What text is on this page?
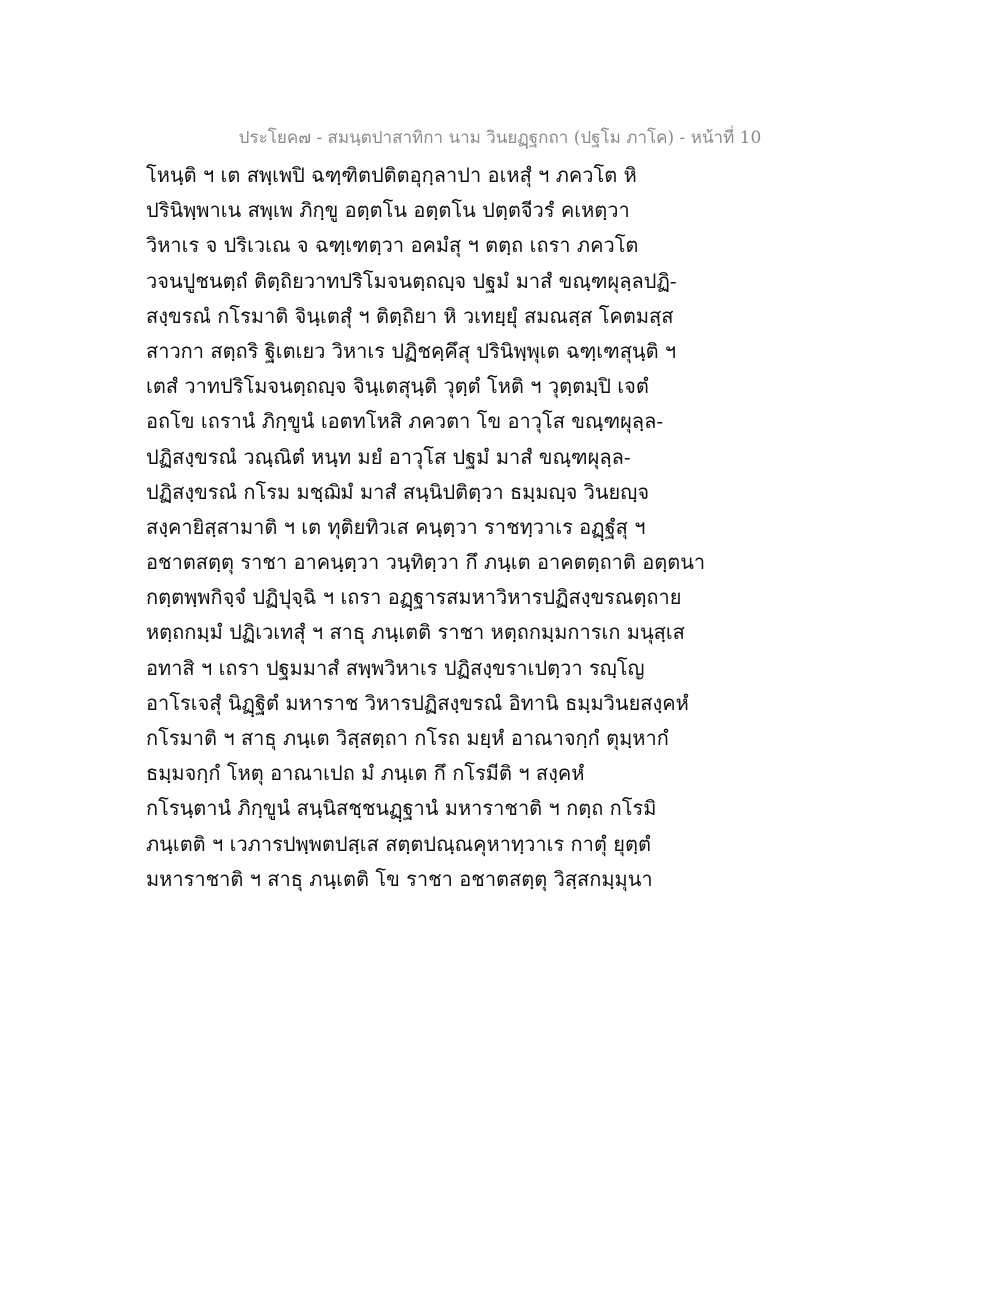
ประโยค๗ - สมนฺตปาสาทิกา นาม วินยฏฺฐกถา (ปฐโม ภาโค) - หน้าที่ 10
โหนฺติ ฯ เต สพฺเพปิ ฉฑฺฑิตปติตอุกฺลาปา อเหสุํ ฯ ภควโต หิ
ปรินิพฺพาเน สพฺเพ ภิกฺขู อตฺตโน อตฺตโน ปตฺตจีวรํ คเหตฺวา
วิหาเร จ ปริเวเณ จ ฉฑฺเฑตฺวา อคมํสุ ฯ ตตฺถ เถรา ภควโต
วจนปูชนตฺถํ ติตฺถิยวาทปริโมจนตฺถญฺจ ปฐมํ มาสํ ขณฺฑผุลฺลปฏิ-
สงฺขรณํ กโรมาติ จินฺเตสุํ ฯ ติตฺถิยา หิ วเทยฺยุํ สมณสฺส โคตมสฺส
สาวกา สตฺถริ ฐิเตเยว วิหาเร ปฏิชคฺคึสุ ปรินิพฺพุเต ฉฑฺเฑสุนฺติ ฯ
เตสํ วาทปริโมจนตฺถญฺจ จินฺเตสุนฺติ วุตฺตํ โหติ ฯ วุตฺตมฺปิ เจตํ
อถโข เถรานํ ภิกฺขูนํ เอตทโหสิ ภควตา โข อาวุโส ขณฺฑผุลฺล-
ปฏิสงฺขรณํ วณฺณิตํ หนฺท มยํ อาวุโส ปฐมํ มาสํ ขณฺฑผุลฺล-
ปฏิสงฺขรณํ กโรม มชฺฌิมํ มาสํ สนฺนิปติตฺวา ธมฺมญฺจ วินยญฺจ
สงฺคายิสฺสามาติ ฯ เต ทุติยทิวเส คนฺตฺวา ราชทฺวาเร อฏฺฐํสุ ฯ
อชาตสตฺตุ ราชา อาคนฺตฺวา วนฺทิตฺวา กึ ภนฺเต อาคตตฺถาติ อตฺตนา
กตฺตพฺพกิจฺจํ ปฏิปุจฺฉิ ฯ เถรา อฏฺฐารสมหาวิหารปฏิสงฺขรณตฺถาย
หตฺถกมฺมํ ปฏิเวเทสุํ ฯ สาธุ ภนฺเตติ ราชา หตฺถกมฺมการเก มนุสฺเส
อทาสิ ฯ เถรา ปฐมมาสํ สพฺพวิหาเร ปฏิสงฺขราเปตฺวา รญฺโญ
อาโรเจสุํ นิฏฺฐิตํ มหาราช วิหารปฏิสงฺขรณํ อิทานิ ธมฺมวินยสงฺคหํ
กโรมาติ ฯ สาธุ ภนฺเต วิสฺสตฺถา กโรถ มยฺหํ อาณาจกฺกํ ตุมฺหากํ
ธมฺมจกฺกํ โหตุ อาณาเปถ มํ ภนฺเต กึ กโรมีติ ฯ สงฺคหํ
กโรนฺตานํ ภิกฺขูนํ สนฺนิสชฺชนฏฺฐานํ มหาราชาติ ฯ กตฺถ กโรมิ
ภนฺเตติ ฯ เวภารปพฺพตปสฺเส สตฺตปณฺณคุหาทฺวาเร กาตุํ ยุตฺตํ
มหาราชาติ ฯ สาธุ ภนฺเตติ โข ราชา อชาตสตฺตุ วิสฺสกมฺมุนา
